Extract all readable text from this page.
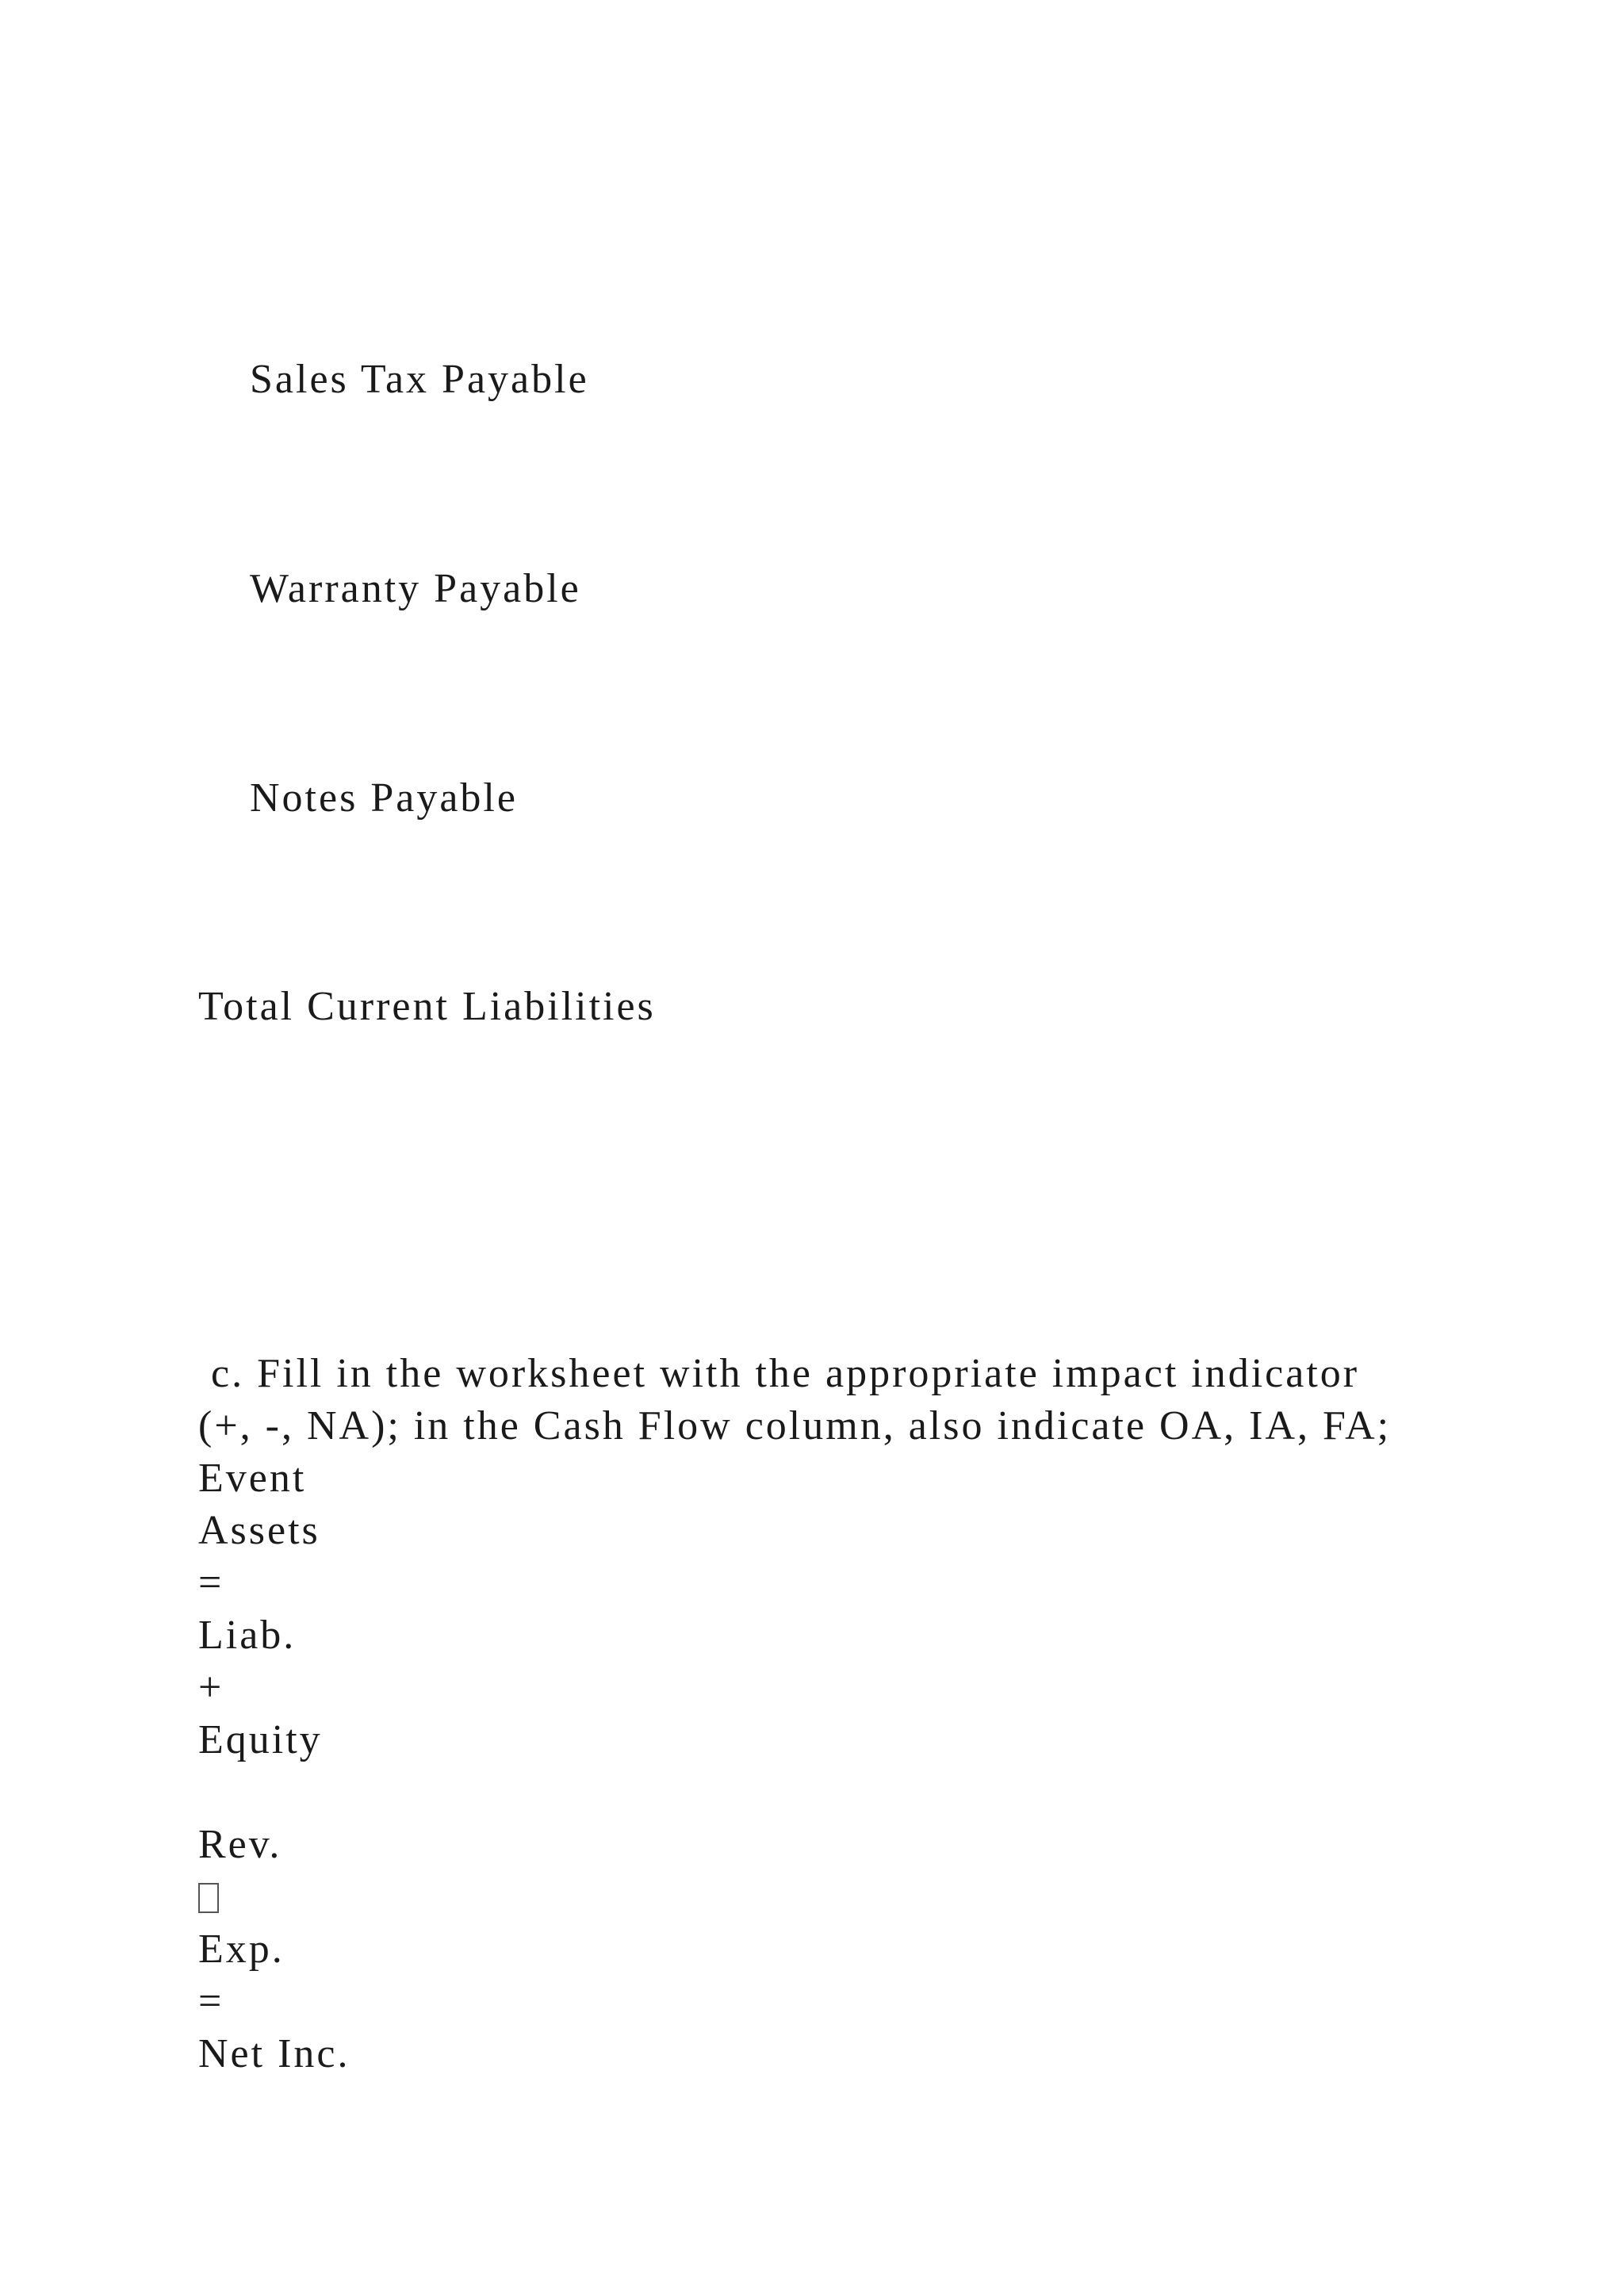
Sales Tax Payable
Warranty Payable
Notes Payable
Total Current Liabilities
c. Fill in the worksheet with the appropriate impact indicator
(+, -, NA); in the Cash Flow column, also indicate OA, IA, FA;
Event
Assets
=
Liab.
+
Equity
Rev.
Exp.
=
Net Inc.
